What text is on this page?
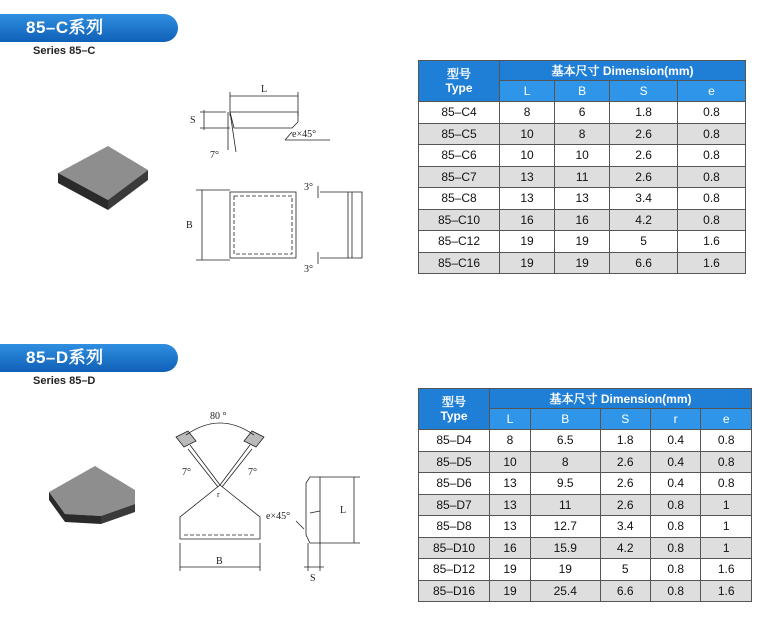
85–C系列
Series 85–C
L
S
e×45°
7°
B
3°
3°
型号
Type	基本尺寸 Dimension(mm)			
	L	B	S	e
85–C4	8	6	1.8	0.8
85–C5	10	8	2.6	0.8
85–C6	10	10	2.6	0.8
85–C7	13	11	2.6	0.8
85–C8	13	13	3.4	0.8
85–C10	16	16	4.2	0.8
85–C12	19	19	5	1.6
85–C16	19	19	6.6	1.6
85–D系列
Series 85–D
80 °
7°	7°
r
B
L
S
e×45°
型号
Type	基本尺寸 Dimension(mm)				
	L	B	S	r	e
85–D4	8	6.5	1.8	0.4	0.8
85–D5	10	8	2.6	0.4	0.8
85–D6	13	9.5	2.6	0.4	0.8
85–D7	13	11	2.6	0.8	1
85–D8	13	12.7	3.4	0.8	1
85–D10	16	15.9	4.2	0.8	1
85–D12	19	19	5	0.8	1.6
85–D16	19	25.4	6.6	0.8	1.6
